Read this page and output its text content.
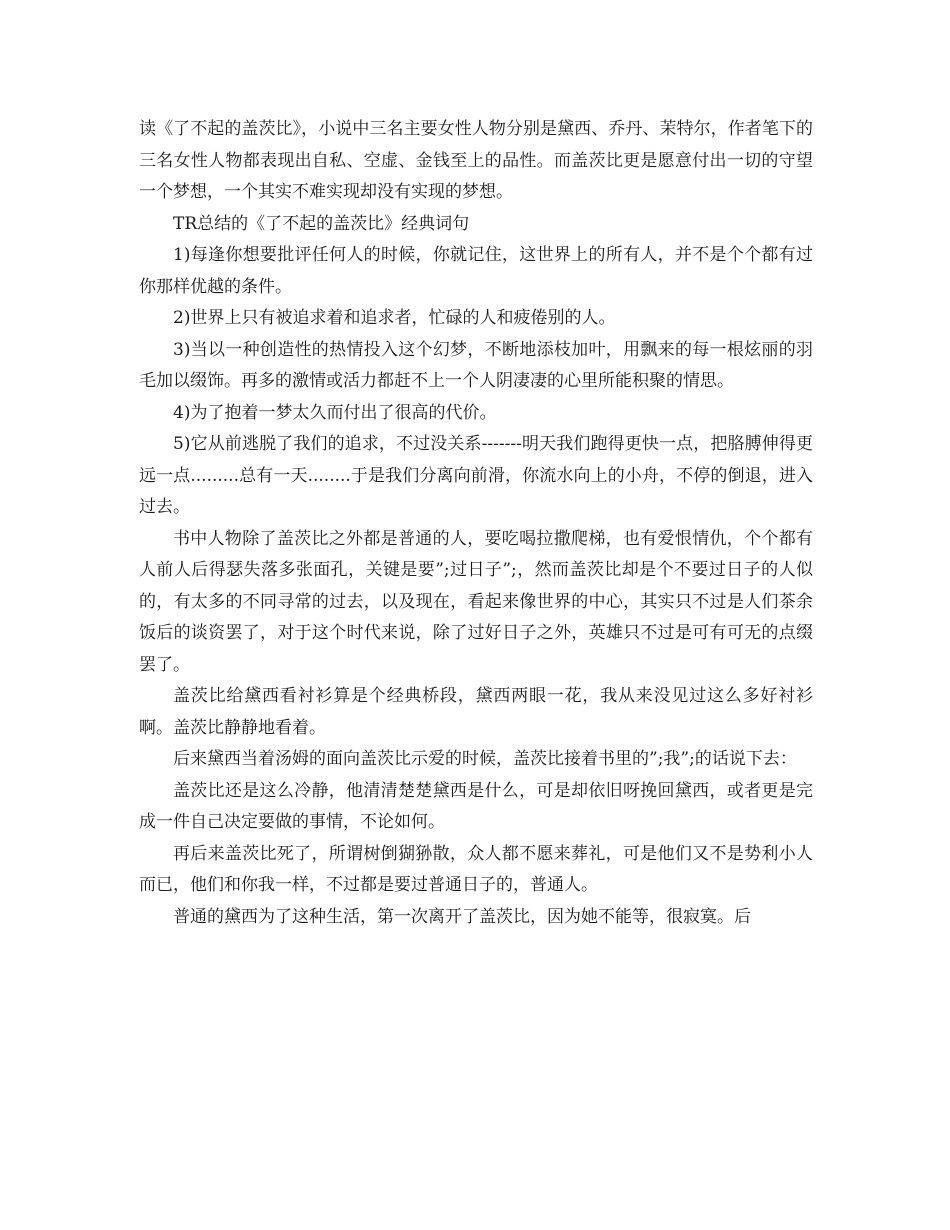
读《了不起的盖茨比》，小说中三名主要女性人物分别是黛西、乔丹、茉特尔，作者笔下的三名女性人物都表现出自私、空虚、金钱至上的品性。而盖茨比更是愿意付出一切的守望一个梦想，一个其实不难实现却没有实现的梦想。

TR总结的《了不起的盖茨比》经典词句

1)每逢你想要批评任何人的时候，你就记住，这世界上的所有人，并不是个个都有过你那样优越的条件。

2)世界上只有被追求着和追求者，忙碌的人和疲倦别的人。

3)当以一种创造性的热情投入这个幻梦，不断地添枝加叶，用飘来的每一根炫丽的羽毛加以缀饰。再多的激情或活力都赶不上一个人阴凄凄的心里所能积聚的情思。

4)为了抱着一梦太久而付出了很高的代价。

5)它从前逃脱了我们的追求，不过没关系-------明天我们跑得更快一点，把胳膊伸得更远一点.........总有一天........于是我们分离向前滑，你流水向上的小舟，不停的倒退，进入过去。

书中人物除了盖茨比之外都是普通的人，要吃喝拉撒爬梯，也有爱恨情仇，个个都有人前人后得瑟失落多张面孔，关键是要”;过日子”;，然而盖茨比却是个不要过日子的人似的，有太多的不同寻常的过去，以及现在，看起来像世界的中心，其实只不过是人们茶余饭后的谈资罢了，对于这个时代来说，除了过好日子之外，英雄只不过是可有可无的点缀罢了。

盖茨比给黛西看衬衫算是个经典桥段，黛西两眼一花，我从来没见过这么多好衬衫啊。盖茨比静静地看着。

后来黛西当着汤姆的面向盖茨比示爱的时候，盖茨比接着书里的”;我”;的话说下去：

盖茨比还是这么冷静，他清清楚楚黛西是什么，可是却依旧呀挽回黛西，或者更是完成一件自己决定要做的事情，不论如何。

再后来盖茨比死了，所谓树倒猢狲散，众人都不愿来葬礼，可是他们又不是势利小人而已，他们和你我一样，不过都是要过普通日子的，普通人。

普通的黛西为了这种生活，第一次离开了盖茨比，因为她不能等，很寂寞。后
